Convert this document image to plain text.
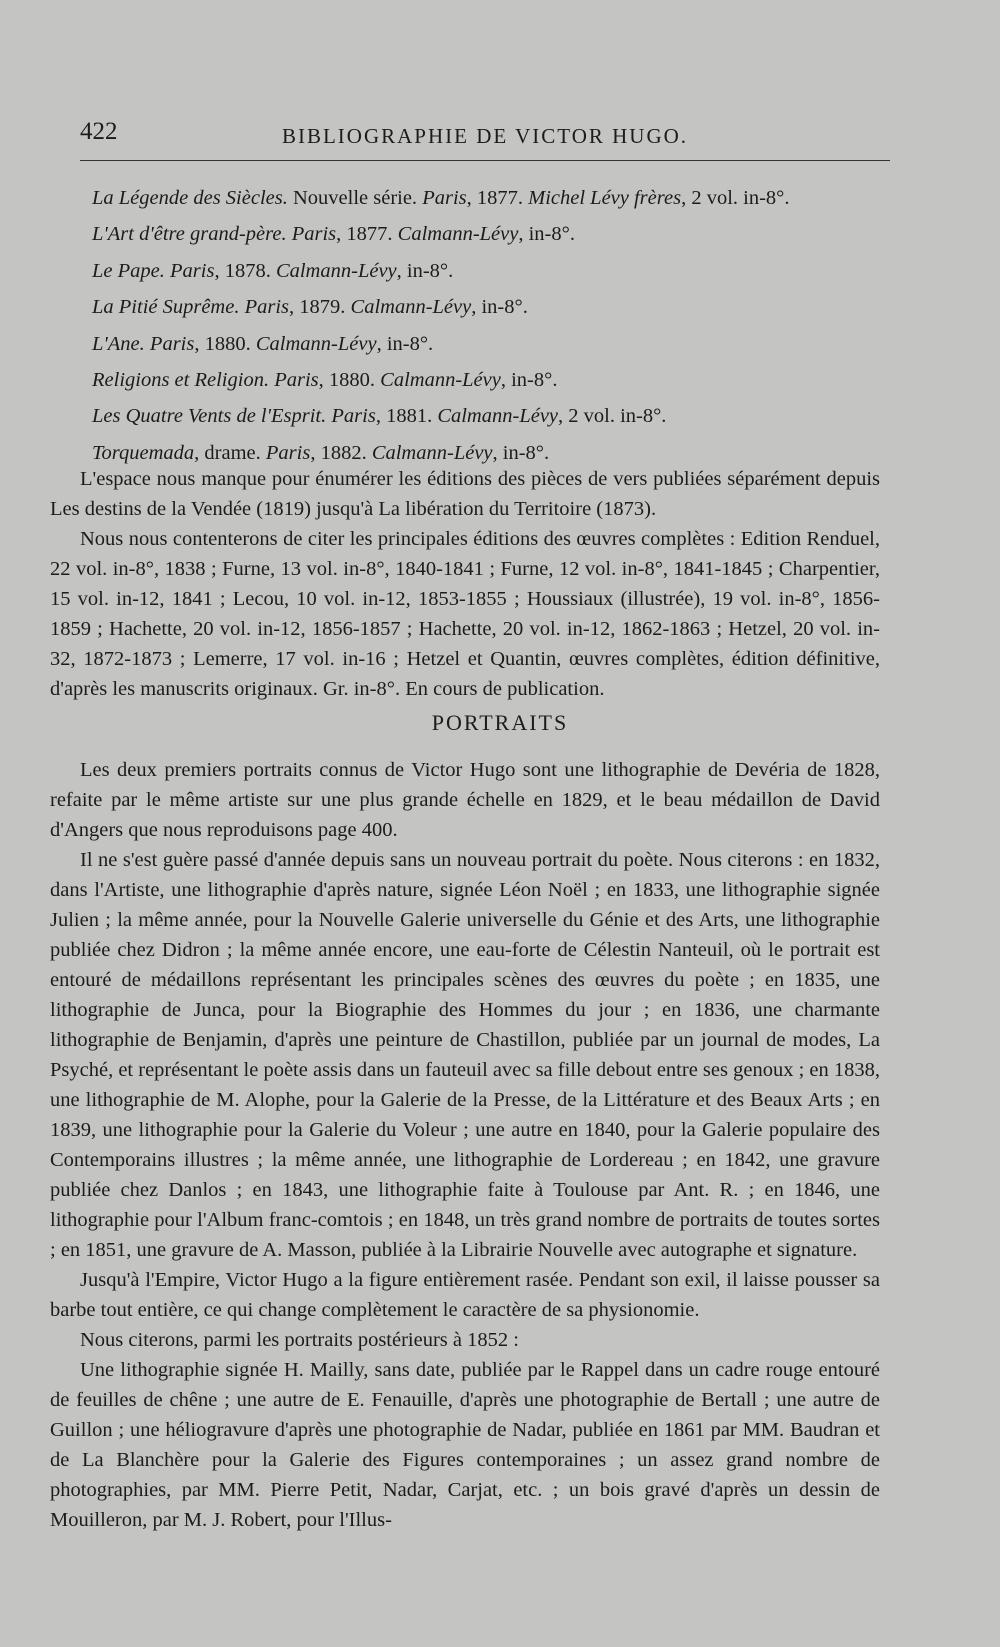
422	BIBLIOGRAPHIE DE VICTOR HUGO.
La Légende des Siècles. Nouvelle série. Paris, 1877. Michel Lévy frères, 2 vol. in-8°.
L'Art d'être grand-père. Paris, 1877. Calmann-Lévy, in-8°.
Le Pape. Paris, 1878. Calmann-Lévy, in-8°.
La Pitié Suprême. Paris, 1879. Calmann-Lévy, in-8°.
L'Ane. Paris, 1880. Calmann-Lévy, in-8°.
Religions et Religion. Paris, 1880. Calmann-Lévy, in-8°.
Les Quatre Vents de l'Esprit. Paris, 1881. Calmann-Lévy, 2 vol. in-8°.
Torquemada, drame. Paris, 1882. Calmann-Lévy, in-8°.

L'espace nous manque pour énumérer les éditions des pièces de vers publiées séparément depuis Les destins de la Vendée (1819) jusqu'à La libération du Territoire (1873).

Nous nous contenterons de citer les principales éditions des œuvres complètes : Edition Renduel, 22 vol. in-8°, 1838 ; Furne, 13 vol. in-8°, 1840-1841 ; Furne, 12 vol. in-8°, 1841-1845 ; Charpentier, 15 vol. in-12, 1841 ; Lecou, 10 vol. in-12, 1853-1855 ; Houssiaux (illustrée), 19 vol. in-8°, 1856-1859 ; Hachette, 20 vol. in-12, 1856-1857 ; Hachette, 20 vol. in-12, 1862-1863 ; Hetzel, 20 vol. in-32, 1872-1873 ; Lemerre, 17 vol. in-16 ; Hetzel et Quantin, œuvres complètes, édition définitive, d'après les manuscrits originaux. Gr. in-8°. En cours de publication.

PORTRAITS

Les deux premiers portraits connus de Victor Hugo sont une lithographie de Devéria de 1828, refaite par le même artiste sur une plus grande échelle en 1829, et le beau médaillon de David d'Angers que nous reproduisons page 400.

Il ne s'est guère passé d'année depuis sans un nouveau portrait du poète. Nous citerons : en 1832, dans l'Artiste, une lithographie d'après nature, signée Léon Noël ; en 1833, une lithographie signée Julien ; la même année, pour la Nouvelle Galerie universelle du Génie et des Arts, une lithographie publiée chez Didron ; la même année encore, une eau-forte de Célestin Nanteuil, où le portrait est entouré de médaillons représentant les principales scènes des œuvres du poète ; en 1835, une lithographie de Junca, pour la Biographie des Hommes du jour ; en 1836, une charmante lithographie de Benjamin, d'après une peinture de Chastillon, publiée par un journal de modes, La Psyché, et représentant le poète assis dans un fauteuil avec sa fille debout entre ses genoux ; en 1838, une lithographie de M. Alophe, pour la Galerie de la Presse, de la Littérature et des Beaux Arts ; en 1839, une lithographie pour la Galerie du Voleur ; une autre en 1840, pour la Galerie populaire des Contemporains illustres ; la même année, une lithographie de Lordereau ; en 1842, une gravure publiée chez Danlos ; en 1843, une lithographie faite à Toulouse par Ant. R. ; en 1846, une lithographie pour l'Album franc-comtois ; en 1848, un très grand nombre de portraits de toutes sortes ; en 1851, une gravure de A. Masson, publiée à la Librairie Nouvelle avec autographe et signature.

Jusqu'à l'Empire, Victor Hugo a la figure entièrement rasée. Pendant son exil, il laisse pousser sa barbe tout entière, ce qui change complètement le caractère de sa physionomie.

Nous citerons, parmi les portraits postérieurs à 1852 :

Une lithographie signée H. Mailly, sans date, publiée par le Rappel dans un cadre rouge entouré de feuilles de chêne ; une autre de E. Fenauille, d'après une photographie de Bertall ; une autre de Guillon ; une héliogravure d'après une photographie de Nadar, publiée en 1861 par MM. Baudran et de La Blanchère pour la Galerie des Figures contemporaines ; un assez grand nombre de photographies, par MM. Pierre Petit, Nadar, Carjat, etc. ; un bois gravé d'après un dessin de Mouilleron, par M. J. Robert, pour l'Illus-
